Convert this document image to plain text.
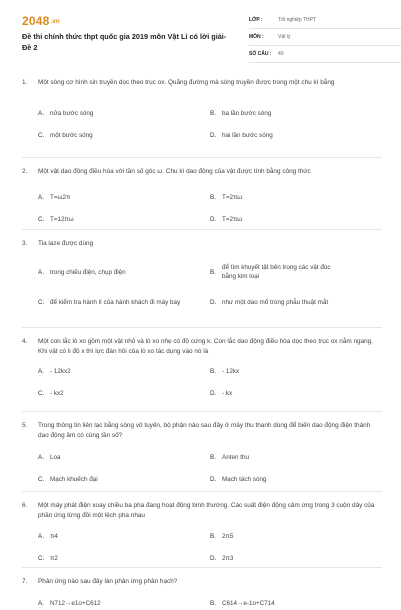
2048.vn
Đề thi chính thức thpt quốc gia 2019 môn Vật Lí có lời giải-Đề 2
LỚP :	Tốt nghiệp THPT
MÔN :	Vật lý
SỐ CÂU : 40
1. Một sóng cơ hình sin truyền dọc theo trục ox. Quãng đường mà sóng truyền được trong một chu kì bằng
A. nửa bước sóng	B. ba lần bước sóng
C. một bước sóng	D. hai lần bước sóng
2. Một vật dao động điều hòa với tần số góc ω. Chu kì dao động của vật được tính bằng công thức
A. T=ω2π	B. T=2πω
C. T=12πω	D. T=2πω
3. Tia laze được dùng
A. trong chiếu điện, chụp điện	B.
để tìm khuyết tật bên trong các vật đúc bằng kim loại
C. để kiểm tra hành lí của hành khách đi máy bay	D. như một dao mổ trong phẫu thuật mắt
4. Một con lắc lò xo gồm một vật nhỏ và lò xo nhẹ có độ cứng k. Con lắc dao động điều hòa dọc theo trục ox nằm ngang. Khi vật có li độ x thì lực đàn hồi của lò xo tác dụng vào nó là
A. - 12kx2	B. - 12kx
C. - kx2	D. - kx
5. Trong thông tin liên lạc bằng sóng vô tuyến, bộ phận nào sau đây ở máy thu thanh dùng để biến dao động điện thành dao động âm có cùng tần số?
A. Loa	B. Anten thu
C. Mạch khuếch đại	D. Mạch tách sóng
6. Một máy phát điện xoay chiều ba pha đang hoạt động bình thường. Các suất điện động cảm ứng trong 3 cuộn dây của phần ứng từng đôi một lệch pha nhau
A. π4	B. 2π5
C. π2	D. 2π3
7. Phản ứng nào sau đây làn phản ứng phản hạch?
A. N712→e1o+C612	B. C614→e-1o+C714
